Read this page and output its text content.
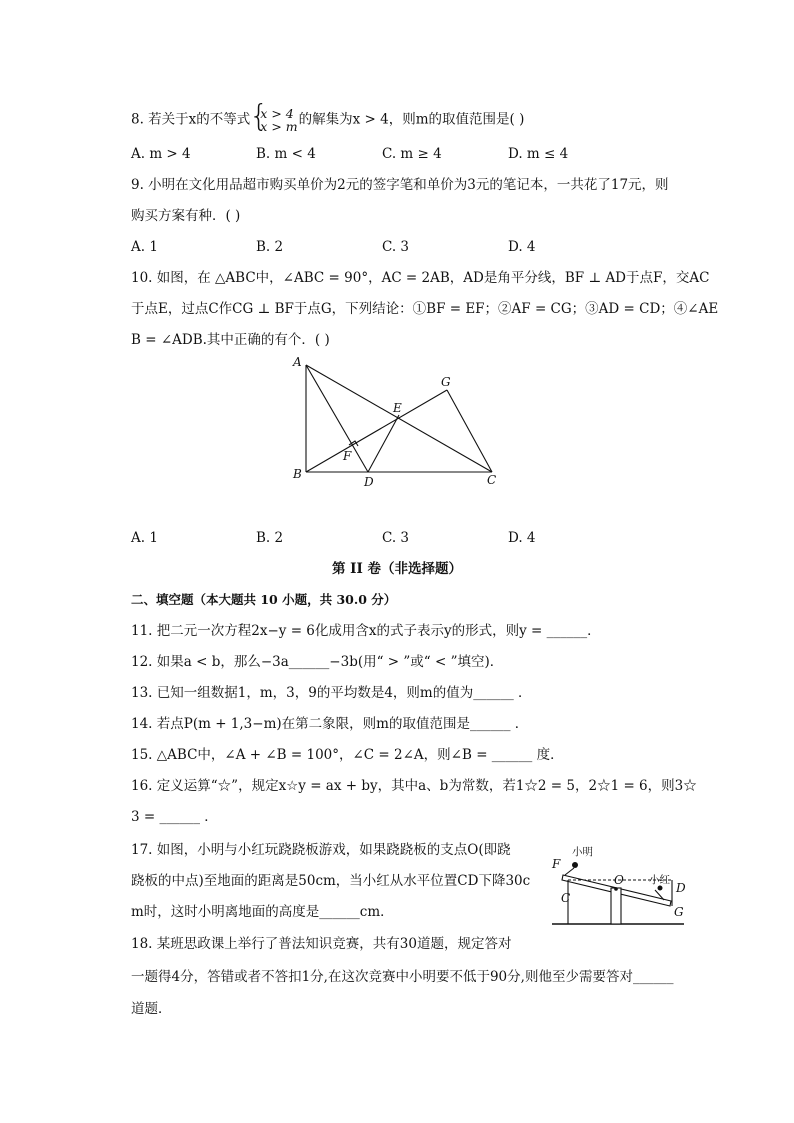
8. 若关于x的不等式
{ x > 4
x > m 的解集为x > 4，则m的取值范围是( )
A. m > 4	B. m < 4	C. m ≥ 4	D. m ≤ 4
9. 小明在文化用品超市购买单价为2元的签字笔和单价为3元的笔记本，一共花了17元，则
购买方案有种．( )
A. 1	B. 2	C. 3	D. 4
10. 如图，在 △ABC中，∠ABC = 90°，AC = 2AB，AD是角平分线，BF ⊥ AD于点F，交AC
于点E，过点C作CG ⊥ BF于点G，下列结论：①BF = EF；②AF = CG；③AD = CD；④∠AE
B = ∠ADB.其中正确的有个．( )
A
B
D	C
E
F
G
A. 1	B. 2	C. 3	D. 4
第 II 卷（非选择题）
二、填空题（本大题共 10 小题，共 30.0 分）
11. 把二元一次方程2x−y = 6化成用含x的式子表示y的形式，则y = ______．
12. 如果a < b，那么−3a______−3b(用“ > ”或“ < ”填空)．
13. 已知一组数据1，m，3，9的平均数是4，则m的值为______ ．
14. 若点P(m + 1,3−m)在第二象限，则m的取值范围是______ ．
15. △ABC中，∠A + ∠B = 100°，∠C = 2∠A，则∠B = ______ 度．
16. 定义运算“☆”，规定x☆y = ax + by，其中a、b为常数，若1☆2 = 5，2☆1 = 6，则3☆
3 = ______ ．
17. 如图，小明与小红玩跷跷板游戏，如果跷跷板的支点O(即跷
跷板的中点)至地面的距离是50cm，当小红从水平位置CD下降30c
m时，这时小明离地面的高度是______cm．
小明
小红
F
C
O
D
G
18. 某班思政课上举行了普法知识竞赛，共有30道题，规定答对
一题得4分，答错或者不答扣1分,在这次竞赛中小明要不低于90分,则他至少需要答对______
道题．
